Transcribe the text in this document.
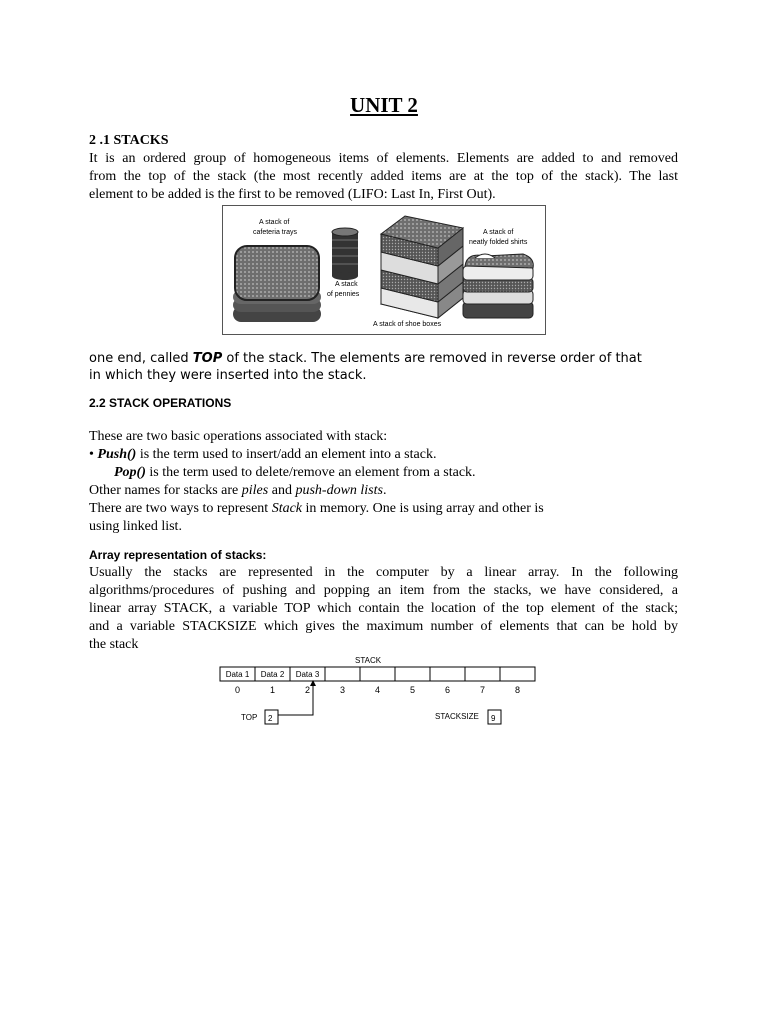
UNIT 2
2 .1 STACKS
It is an ordered group of homogeneous items of elements. Elements are added to and removed
from the top of the stack (the most recently added items are at the top of the stack). The last
element to be added is the first to be removed (LIFO: Last In, First Out).
A stack of
cafeteria trays
A stack
of pennies
A stack of
neatly folded shirts
A stack of shoe boxes
one end, called TOP of the stack. The elements are removed in reverse order of that
in which they were inserted into the stack.
2.2 STACK OPERATIONS
These are two basic operations associated with stack:
• Push() is the term used to insert/add an element into a stack.
Pop() is the term used to delete/remove an element from a stack.
Other names for stacks are piles and push-down lists.
There are two ways to represent Stack in memory. One is using array and other is
using linked list.
Array representation of stacks:
Usually the stacks are represented in the computer by a linear array. In the following
algorithms/procedures of pushing and popping an item from the stacks, we have considered, a
linear array STACK, a variable TOP which contain the location of the top element of the stack;
and a variable STACKSIZE which gives the maximum number of elements that can be hold by
the stack
STACK
Data 1 Data 2 Data 3
0	1	2	3	4	5	6	7	8
TOP 2	STACKSIZE 9
